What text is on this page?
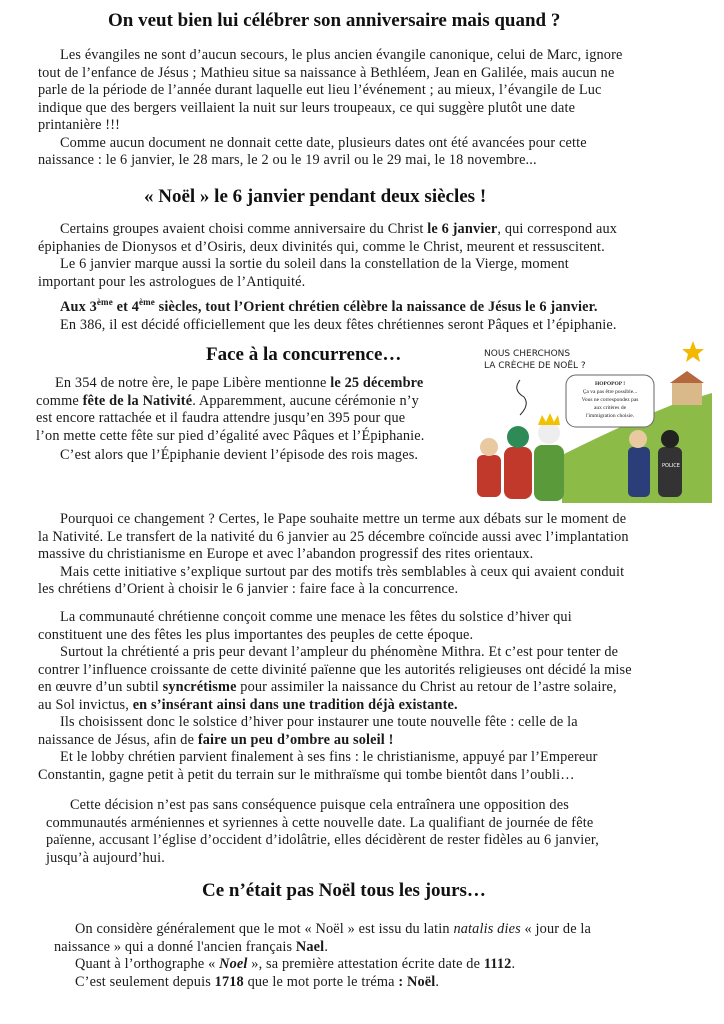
On veut bien lui célébrer son anniversaire mais quand ?
Les évangiles ne sont d’aucun secours, le plus ancien évangile canonique, celui de Marc, ignore
tout de l’enfance de Jésus ; Mathieu situe sa naissance à Bethléem, Jean en Galilée, mais aucun ne
parle de la période de l’année durant laquelle eut lieu l’événement ; au mieux, l’évangile de Luc
indique que des bergers veillaient la nuit sur leurs troupeaux, ce qui suggère plutôt une date
printanière !!!
Comme aucun document ne donnait cette date, plusieurs dates ont été avancées pour cette
naissance : le 6 janvier, le 28 mars, le 2 ou le 19 avril ou le 29 mai, le 18 novembre...
« Noël » le 6 janvier pendant deux siècles !
Certains groupes avaient choisi comme anniversaire du Christ le 6 janvier, qui correspond aux
épiphanies de Dionysos et d’Osiris, deux divinités qui, comme le Christ, meurent et ressuscitent.
Le 6 janvier marque aussi la sortie du soleil dans la constellation de la Vierge, moment
important pour les astrologues de l’Antiquité.
Aux 3ème et 4ème siècles, tout l’Orient chrétien célèbre la naissance de Jésus le 6 janvier.
En 386, il est décidé officiellement que les deux fêtes chrétiennes seront Pâques et l’épiphanie.
Face à la concurrence…
En 354 de notre ère, le pape Libère mentionne le 25 décembre
comme fête de la Nativité. Apparemment, aucune cérémonie n’y
est encore rattachée et il faudra attendre jusqu’en 395 pour que
l’on mette cette fête sur pied d’égalité avec Pâques et l’Épiphanie.
C’est alors que l’Épiphanie devient l’épisode des rois mages.
NOUS CHERCHONS
LA CRÈCHE DE NOËL ?
HOPOPOP !
Ça va pas être possible...
Vous ne correspondez pas
aux critères de
l'immigration choisie.
POLICE
Pourquoi ce changement ? Certes, le Pape souhaite mettre un terme aux débats sur le moment de
la Nativité. Le transfert de la nativité du 6 janvier au 25 décembre coïncide aussi avec l’implantation
massive du christianisme en Europe et avec l’abandon progressif des rites orientaux.
Mais cette initiative s’explique surtout par des motifs très semblables à ceux qui avaient conduit
les chrétiens d’Orient à choisir le 6 janvier : faire face à la concurrence.
La communauté chrétienne conçoit comme une menace les fêtes du solstice d’hiver qui
constituent une des fêtes les plus importantes des peuples de cette époque.
Surtout la chrétienté a pris peur devant l’ampleur du phénomène Mithra. Et c’est pour tenter de
contrer l’influence croissante de cette divinité païenne que les autorités religieuses ont décidé la mise
en œuvre d’un subtil syncrétisme pour assimiler la naissance du Christ au retour de l’astre solaire,
au Sol invictus, en s’insérant ainsi dans une tradition déjà existante.
Ils choisissent donc le solstice d’hiver pour instaurer une toute nouvelle fête : celle de la
naissance de Jésus, afin de faire un peu d’ombre au soleil !
Et le lobby chrétien parvient finalement à ses fins : le christianisme, appuyé par l’Empereur
Constantin, gagne petit à petit du terrain sur le mithraïsme qui tombe bientôt dans l’oubli…
Cette décision n’est pas sans conséquence puisque cela entraînera une opposition des
communautés arméniennes et syriennes à cette nouvelle date. La qualifiant de journée de fête
païenne, accusant l’église d’occident d’idolâtrie, elles décidèrent de rester fidèles au 6 janvier,
jusqu’à aujourd’hui.
Ce n’était pas Noël tous les jours…
On considère généralement que le mot « Noël » est issu du latin natalis dies « jour de la
naissance » qui a donné l'ancien français Nael.
Quant à l’orthographe « Noel », sa première attestation écrite date de 1112.
C’est seulement depuis 1718 que le mot porte le tréma : Noël.
